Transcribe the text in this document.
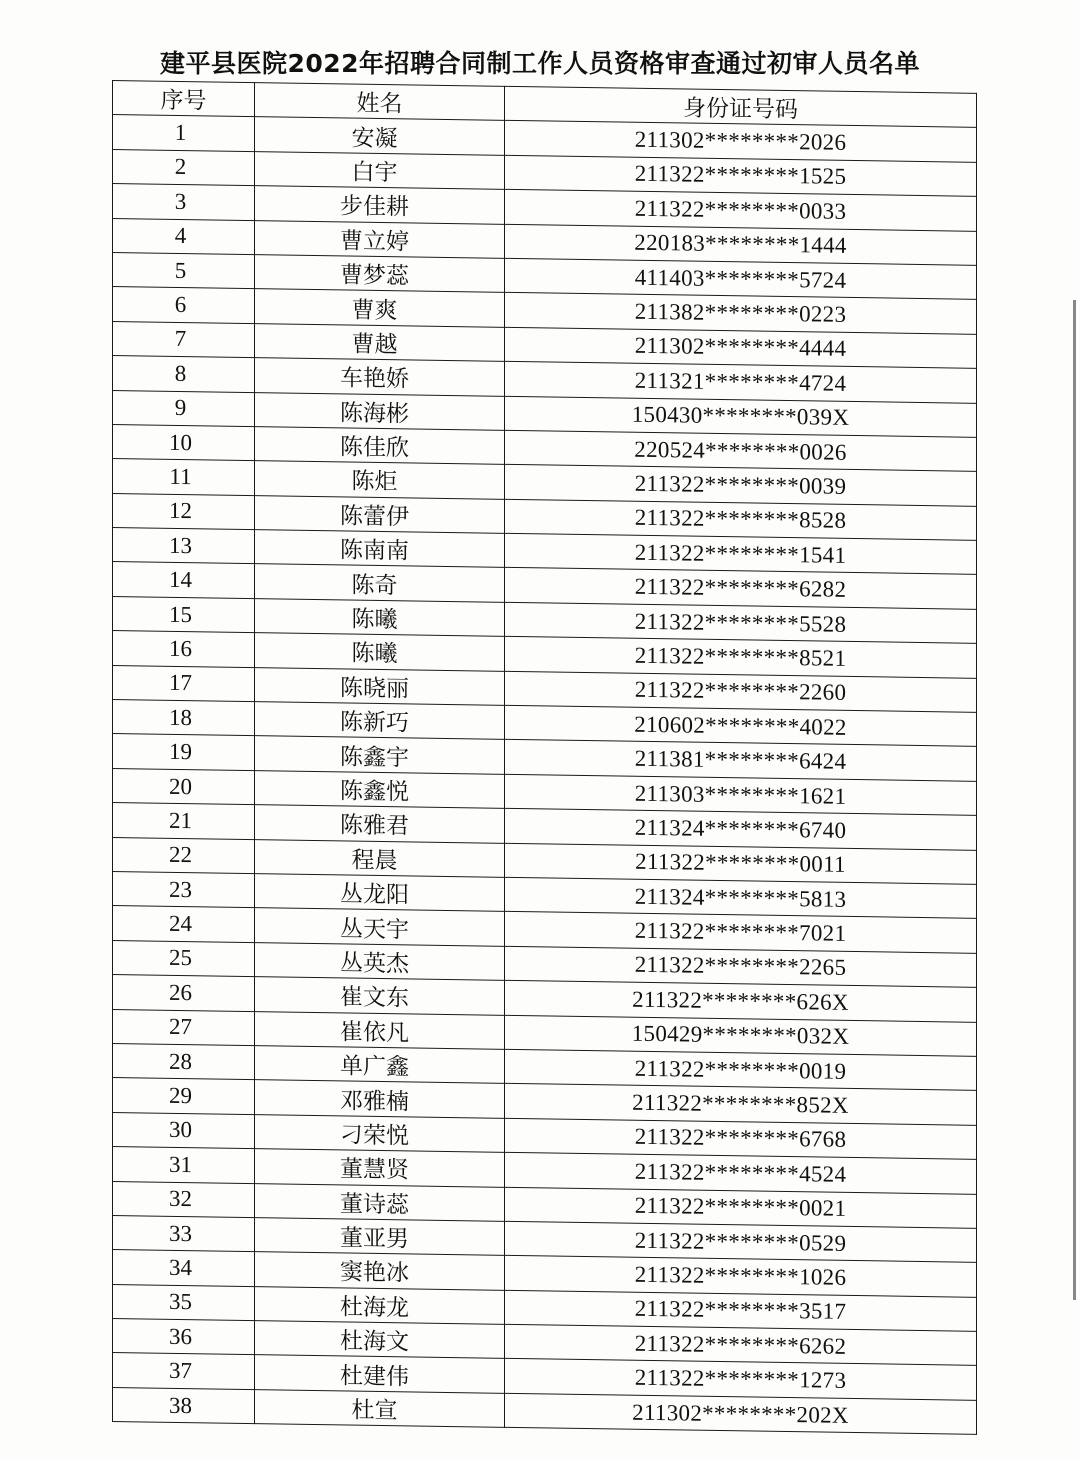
建平县医院2022年招聘合同制工作人员资格审查通过初审人员名单
序号	姓名	身份证号码
1	安凝	211302********2026
2	白宇	211322********1525
3	步佳耕	211322********0033
4	曹立婷	220183********1444
5	曹梦蕊	411403********5724
6	曹爽	211382********0223
7	曹越	211302********4444
8	车艳娇	211321********4724
9	陈海彬	150430********039X
10	陈佳欣	220524********0026
11	陈炬	211322********0039
12	陈蕾伊	211322********8528
13	陈南南	211322********1541
14	陈奇	211322********6282
15	陈曦	211322********5528
16	陈曦	211322********8521
17	陈晓丽	211322********2260
18	陈新巧	210602********4022
19	陈鑫宇	211381********6424
20	陈鑫悦	211303********1621
21	陈雅君	211324********6740
22	程晨	211322********0011
23	丛龙阳	211324********5813
24	丛天宇	211322********7021
25	丛英杰	211322********2265
26	崔文东	211322********626X
27	崔依凡	150429********032X
28	单广鑫	211322********0019
29	邓雅楠	211322********852X
30	刁荣悦	211322********6768
31	董慧贤	211322********4524
32	董诗蕊	211322********0021
33	董亚男	211322********0529
34	窦艳冰	211322********1026
35	杜海龙	211322********3517
36	杜海文	211322********6262
37	杜建伟	211322********1273
38	杜宣	211302********202X
